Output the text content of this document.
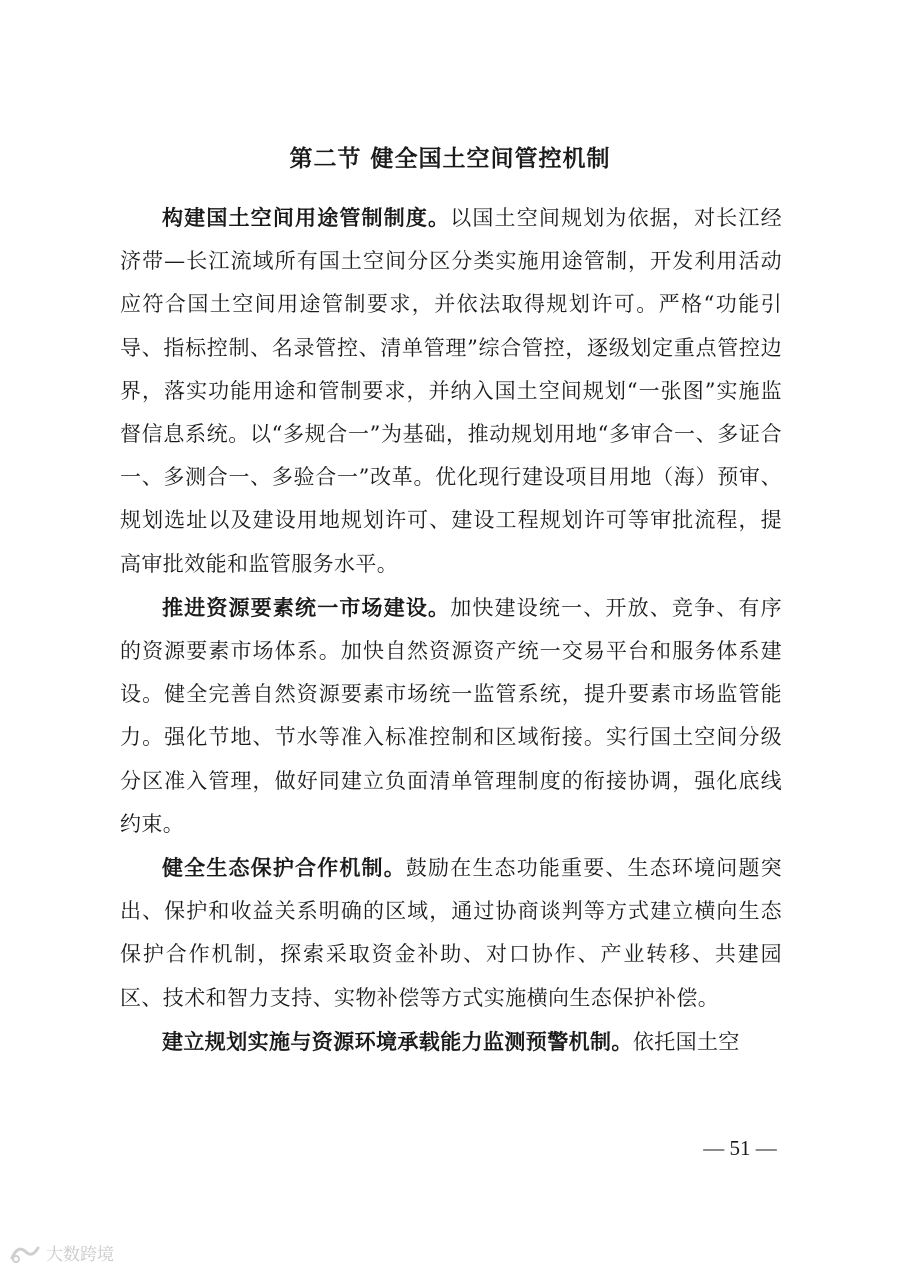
第二节 健全国土空间管控机制

构建国土空间用途管制制度。以国土空间规划为依据，对长江经济带—长江流域所有国土空间分区分类实施用途管制，开发利用活动应符合国土空间用途管制要求，并依法取得规划许可。严格“功能引导、指标控制、名录管控、清单管理”综合管控，逐级划定重点管控边界，落实功能用途和管制要求，并纳入国土空间规划“一张图”实施监督信息系统。以“多规合一”为基础，推动规划用地“多审合一、多证合一、多测合一、多验合一”改革。优化现行建设项目用地（海）预审、规划选址以及建设用地规划许可、建设工程规划许可等审批流程，提高审批效能和监管服务水平。

推进资源要素统一市场建设。加快建设统一、开放、竞争、有序的资源要素市场体系。加快自然资源资产统一交易平台和服务体系建设。健全完善自然资源要素市场统一监管系统，提升要素市场监管能力。强化节地、节水等准入标准控制和区域衔接。实行国土空间分级分区准入管理，做好同建立负面清单管理制度的衔接协调，强化底线约束。

健全生态保护合作机制。鼓励在生态功能重要、生态环境问题突出、保护和收益关系明确的区域，通过协商谈判等方式建立横向生态保护合作机制，探索采取资金补助、对口协作、产业转移、共建园区、技术和智力支持、实物补偿等方式实施横向生态保护补偿。

建立规划实施与资源环境承载能力监测预警机制。依托国土空

— 51 —
大数跨境
